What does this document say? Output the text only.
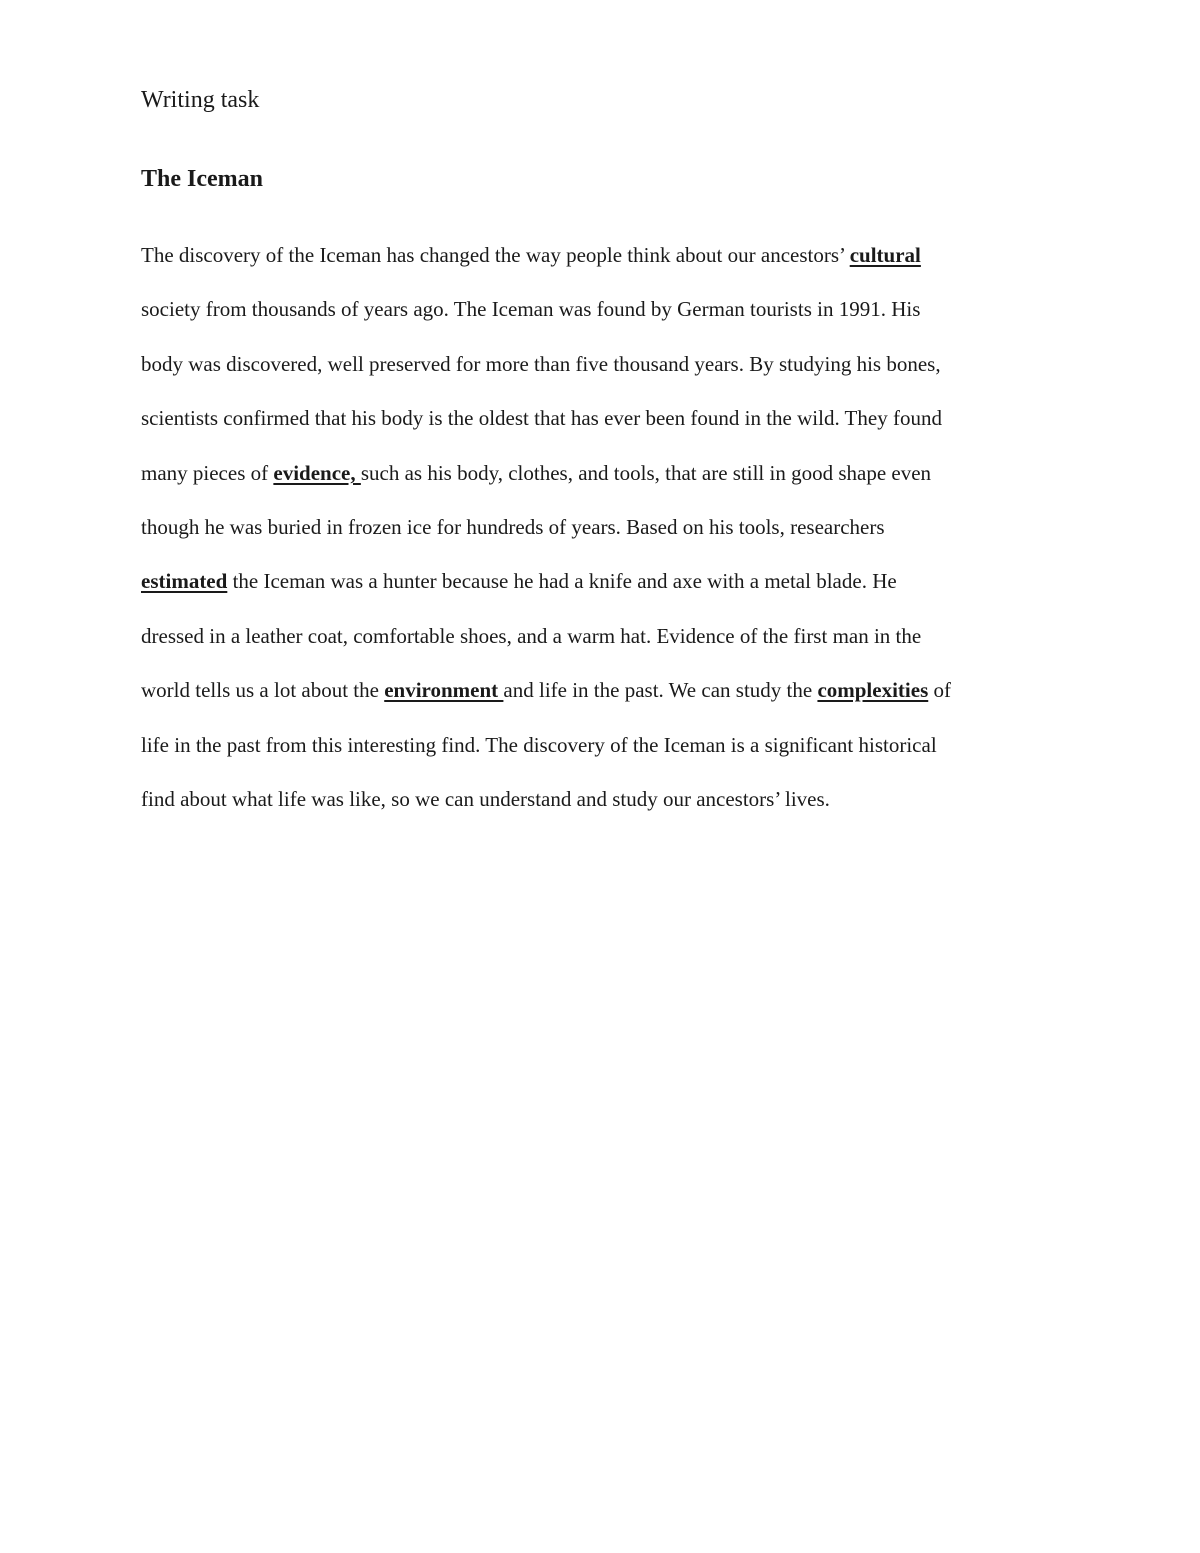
Writing task
The Iceman
The discovery of the Iceman has changed the way people think about our ancestors’ cultural
society from thousands of years ago. The Iceman was found by German tourists in 1991. His
body was discovered, well preserved for more than five thousand years. By studying his bones,
scientists confirmed that his body is the oldest that has ever been found in the wild. They found
many pieces of evidence, such as his body, clothes, and tools, that are still in good shape even
though he was buried in frozen ice for hundreds of years. Based on his tools, researchers
estimated the Iceman was a hunter because he had a knife and axe with a metal blade. He
dressed in a leather coat, comfortable shoes, and a warm hat. Evidence of the first man in the
world tells us a lot about the environment and life in the past. We can study the complexities of
life in the past from this interesting find. The discovery of the Iceman is a significant historical
find about what life was like, so we can understand and study our ancestors’ lives.
